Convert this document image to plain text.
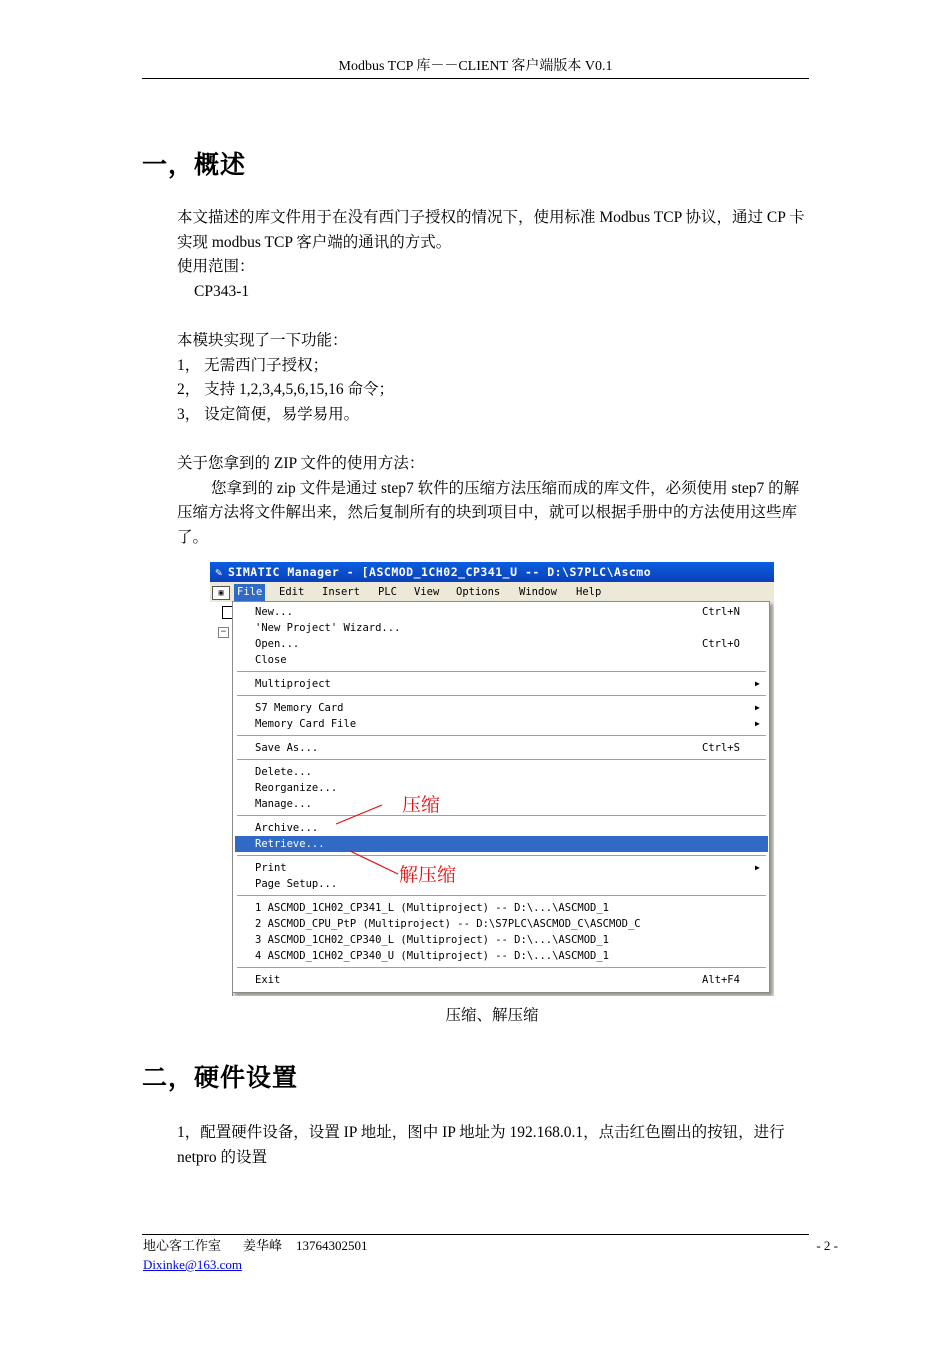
Modbus TCP 库－－CLIENT 客户端版本 V0.1
一，概述

本文描述的库文件用于在没有西门子授权的情况下，使用标准 Modbus TCP 协议，通过 CP 卡实现 modbus TCP 客户端的通讯的方式。

使用范围：

CP343-1

本模块实现了一下功能：

1， 无需西门子授权；

2， 支持 1,2,3,4,5,6,15,16 命令；

3， 设定简便，易学易用。

关于您拿到的 ZIP 文件的使用方法：

您拿到的 zip 文件是通过 step7 软件的压缩方法压缩而成的库文件，必须使用 step7 的解压缩方法将文件解出来，然后复制所有的块到项目中，就可以根据手册中的方法使用这些库了。

✎ SIMATIC Manager - [ASCMOD_1CH02_CP341_U -- D:\S7PLC\Ascmo
▣	File Edit Insert PLC View Options Window Help
−
New...	Ctrl+N
'New Project' Wizard...
Open...	Ctrl+O
Close
Multiproject	▶
S7 Memory Card	▶
Memory Card File	▶
Save As...	Ctrl+S
Delete...
Reorganize...
Manage...
Archive...
Retrieve...
Print	▶
Page Setup...
1 ASCMOD_1CH02_CP341_L (Multiproject) -- D:\...\ASCMOD_1
2 ASCMOD_CPU_PtP (Multiproject) -- D:\S7PLC\ASCMOD_C\ASCMOD_C
3 ASCMOD_1CH02_CP340_L (Multiproject) -- D:\...\ASCMOD_1
4 ASCMOD_1CH02_CP340_U (Multiproject) -- D:\...\ASCMOD_1
Exit	Alt+F4
压缩
解压缩
压缩、解压缩
二，硬件设置

1，配置硬件设备，设置 IP 地址，图中 IP 地址为 192.168.0.1，点击红色圈出的按钮，进行 netpro 的设置

地心客工作室 姜华峰 13764302501
Dixinke@163.com
- 2 -
